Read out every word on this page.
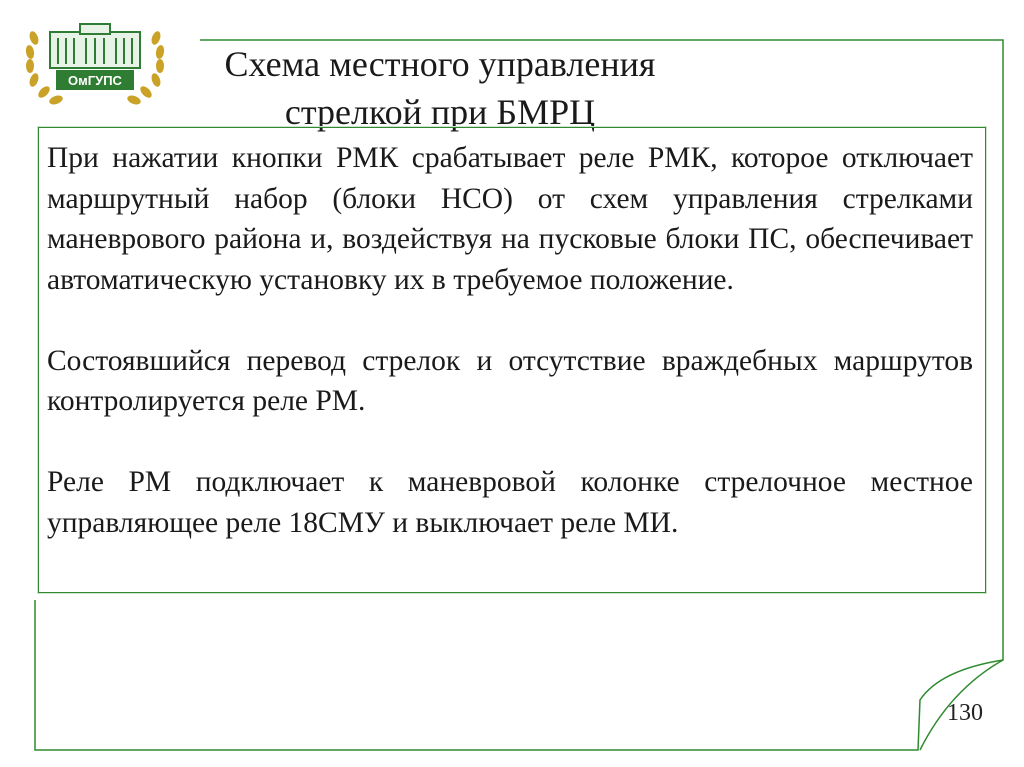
ОмГУПС	Схема местного управления стрелкой при БМРЦ

При нажатии кнопки РМК срабатывает реле РМК, которое отключает маршрутный набор (блоки НСО) от схем управления стрелками маневрового района и, воздействуя на пусковые блоки ПС, обеспечивает автоматическую установку их в требуемое положение.

Состоявшийся перевод стрелок и отсутствие враждебных маршрутов контролируется реле РМ.

Реле РМ подключает к маневровой колонке стрелочное местное управляющее реле 18СМУ и выключает реле МИ.

130
